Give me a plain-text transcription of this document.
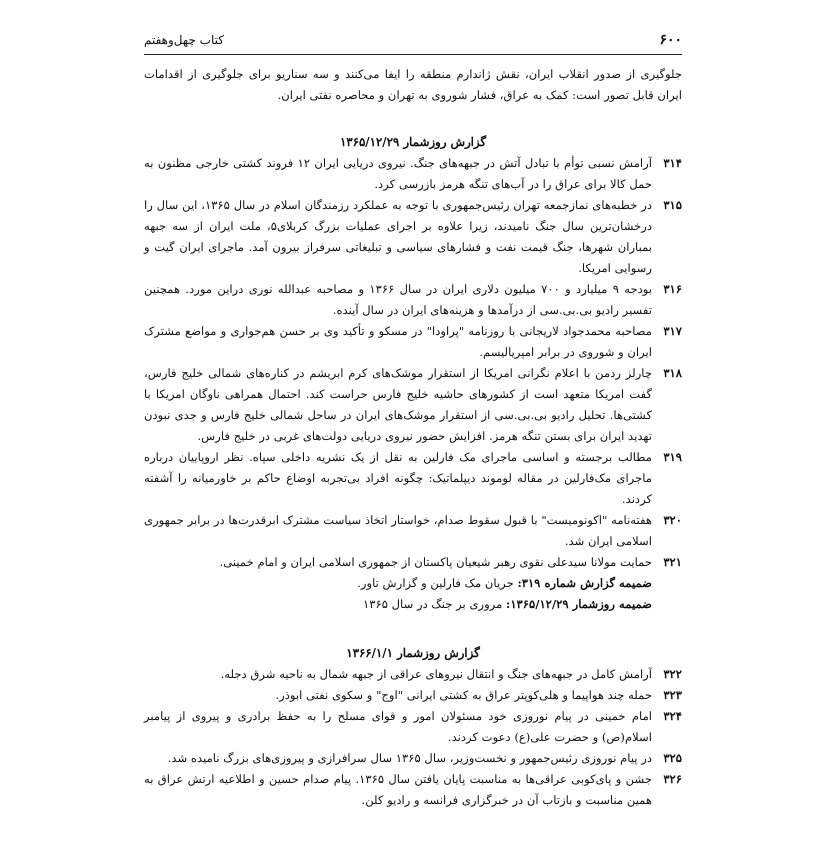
۶۰۰
کتاب چهل‌وهفتم

جلوگیری از صدور انقلاب ایران، نقش ژاندارم منطقه را ایفا می‌کنند و سه سناریو برای جلوگیری از اقدامات ایران قابل تصور است: کمک به عراق، فشار شوروی به تهران و محاصره نفتی ایران.

گزارش روزشمار ۱۳۶۵/۱۲/۲۹

۳۱۴
آرامش نسبی توأم با تبادل آتش در جبهه‌های جنگ. نیروی دریایی ایران ۱۲ فروند کشتی خارجی مظنون به حمل کالا برای عراق را در آب‌های تنگه هرمز بازرسی کرد.
۳۱۵
در خطبه‌های نمازجمعه تهران رئیس‌جمهوری با توجه به عملکرد رزمندگان اسلام در سال ۱۳۶۵، این سال را درخشان‌ترین سال جنگ نامیدند، زیرا علاوه بر اجرای عملیات بزرگ کربلای۵، ملت ایران از سه جبهه بمباران شهرها، جنگ قیمت نفت و فشارهای سیاسی و تبلیغاتی سرفراز بیرون آمد. ماجرای ایران گیت و رسوایی امریکا.
۳۱۶
بودجه ۹ میلیارد و ۷۰۰ میلیون دلاری ایران در سال ۱۳۶۶ و مصاحبه عبدالله نوری دراین مورد. همچنین تفسیر رادیو بی.بی.سی از درآمدها و هزینه‌های ایران در سال آینده.
۳۱۷
مصاحبه محمدجواد لاریجانی با روزنامه "پراودا" در مسکو و تأکید وی بر حسن هم‌جواری و مواضع مشترک ایران و شوروی در برابر امپریالیسم.
۳۱۸
چارلز ردمن با اعلام نگرانی امریکا از استقرار موشک‌های کرم ابریشم در کناره‌های شمالی خلیج فارس، گفت امریکا متعهد است از کشورهای حاشیه خلیج فارس حراست کند. احتمال همراهی ناوگان امریکا با کشتی‌ها. تحلیل رادیو بی.بی.سی از استقرار موشک‌های ایران در ساحل شمالی خلیج فارس و جدی نبودن تهدید ایران برای بستن تنگه هرمز. افزایش حضور نیروی دریایی دولت‌های غربی در خلیج فارس.
۳۱۹
مطالب برجسته و اساسی ماجرای مک فارلین به نقل از یک نشریه داخلی سپاه. نظر اروپاییان درباره ماجرای مک‌فارلین در مقاله لوموند دیپلماتیک: چگونه افراد بی‌تجربه اوضاع حاکم بر خاورمیانه را آشفته کردند.
۳۲۰
هفته‌نامه "اکونومیست" با قبول سقوط صدام، خواستار اتخاذ سیاست مشترک ابرقدرت‌ها در برابر جمهوری اسلامی ایران شد.
۳۲۱
حمایت مولانا سیدعلی نقوی رهبر شیعیان پاکستان از جمهوری اسلامی ایران و امام خمینی.
ضمیمه گزارش شماره ۳۱۹: جریان مک فارلین و گزارش تاور.
ضمیمه روزشمار ۱۳۶۵/۱۲/۲۹: مروری بر جنگ در سال ۱۳۶۵

گزارش روزشمار ۱۳۶۶/۱/۱

۳۲۲
آرامش کامل در جبهه‌های جنگ و انتقال نیروهای عراقی از جبهه شمال به ناحیه شرق دجله.
۳۲۳
حمله چند هواپیما و هلی‌کوپتر عراق به کشتی ایرانی "اوج" و سکوی نفتی ابوذر.
۳۲۴
امام خمینی در پیام نوروزی خود مسئولان امور و قوای مسلح را به حفظ برادری و پیروی از پیامبر اسلام(ص) و حضرت علی(ع) دعوت کردند.
۳۲۵
در پیام نوروزی رئیس‌جمهور و نخست‌وزیر، سال ۱۳۶۵ سال سرافرازی و پیروزی‌های بزرگ نامیده شد.
۳۲۶
جشن و پای‌کوبی عراقی‌ها به مناسبت پایان یافتن سال ۱۳۶۵. پیام صدام حسین و اطلاعیه ارتش عراق به همین مناسبت و بازتاب آن در خبرگزاری فرانسه و رادیو کلن.
